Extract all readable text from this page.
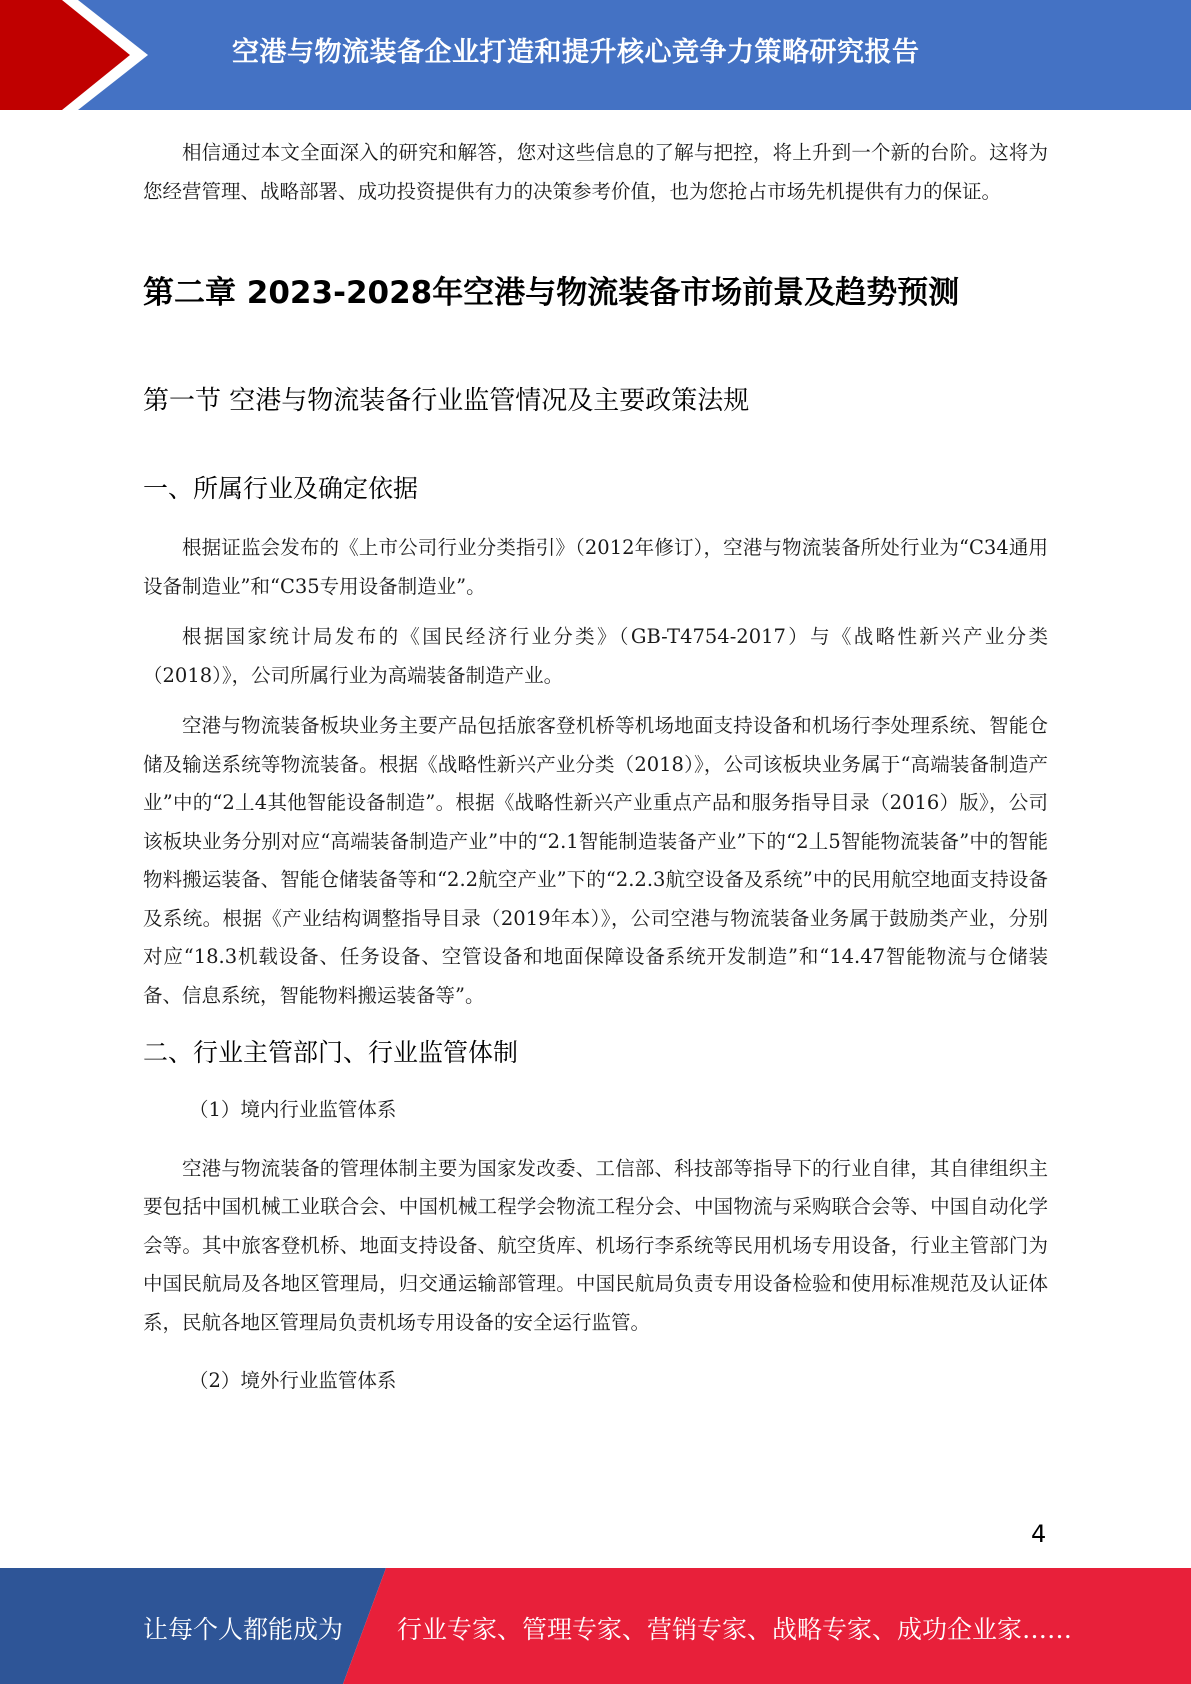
空港与物流装备企业打造和提升核心竞争力策略研究报告

相信通过本文全面深入的研究和解答，您对这些信息的了解与把控，将上升到一个新的台阶。这将为您经营管理、战略部署、成功投资提供有力的决策参考价值，也为您抢占市场先机提供有力的保证。

第二章 2023-2028年空港与物流装备市场前景及趋势预测
第一节 空港与物流装备行业监管情况及主要政策法规
一、所属行业及确定依据

根据证监会发布的《上市公司行业分类指引》（2012年修订），空港与物流装备所处行业为“C34通用设备制造业”和“C35专用设备制造业”。

根据国家统计局发布的《国民经济行业分类》（GB-T4754-2017）与《战略性新兴产业分类（2018）》，公司所属行业为高端装备制造产业。

空港与物流装备板块业务主要产品包括旅客登机桥等机场地面支持设备和机场行李处理系统、智能仓储及输送系统等物流装备。根据《战略性新兴产业分类（2018）》，公司该板块业务属于“高端装备制造产业”中的“2丄4其他智能设备制造”。根据《战略性新兴产业重点产品和服务指导目录（2016）版》，公司该板块业务分别对应“高端装备制造产业”中的“2.1智能制造装备产业”下的“2丄5智能物流装备”中的智能物料搬运装备、智能仓储装备等和“2.2航空产业”下的“2.2.3航空设备及系统”中的民用航空地面支持设备及系统。根据《产业结构调整指导目录（2019年本）》，公司空港与物流装备业务属于鼓励类产业，分别对应“18.3机载设备、任务设备、空管设备和地面保障设备系统开发制造”和“14.47智能物流与仓储装备、信息系统，智能物料搬运装备等”。

二、行业主管部门、行业监管体制
（1）境内行业监管体系

空港与物流装备的管理体制主要为国家发改委、工信部、科技部等指导下的行业自律，其自律组织主要包括中国机械工业联合会、中国机械工程学会物流工程分会、中国物流与采购联合会等、中国自动化学会等。其中旅客登机桥、地面支持设备、航空货库、机场行李系统等民用机场专用设备，行业主管部门为中国民航局及各地区管理局，归交通运输部管理。中国民航局负责专用设备检验和使用标准规范及认证体系，民航各地区管理局负责机场专用设备的安全运行监管。

（2）境外行业监管体系
4
让每个人都能成为 行业专家、管理专家、营销专家、战略专家、成功企业家……
